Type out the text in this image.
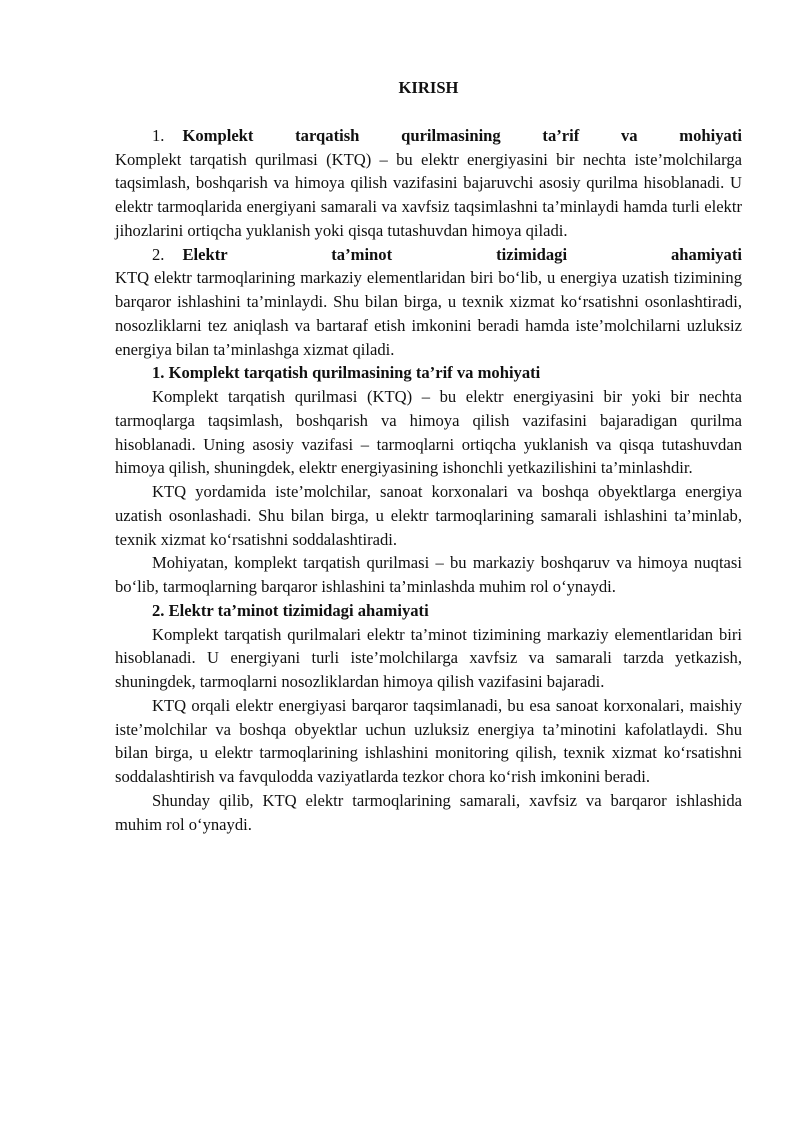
KIRISH

1. Komplekt tarqatish qurilmasining ta’rif va mohiyati

Komplekt tarqatish qurilmasi (KTQ) – bu elektr energiyasini bir nechta iste’molchilarga taqsimlash, boshqarish va himoya qilish vazifasini bajaruvchi asosiy qurilma hisoblanadi. U elektr tarmoqlarida energiyani samarali va xavfsiz taqsimlashni ta’minlaydi hamda turli elektr jihozlarini ortiqcha yuklanish yoki qisqa tutashuvdan himoya qiladi.

2. Elektr ta’minot tizimidagi ahamiyati

KTQ elektr tarmoqlarining markaziy elementlaridan biri bo‘lib, u energiya uzatish tizimining barqaror ishlashini ta’minlaydi. Shu bilan birga, u texnik xizmat ko‘rsatishni osonlashtiradi, nosozliklarni tez aniqlash va bartaraf etish imkonini beradi hamda iste’molchilarni uzluksiz energiya bilan ta’minlashga xizmat qiladi.

1. Komplekt tarqatish qurilmasining ta’rif va mohiyati

Komplekt tarqatish qurilmasi (KTQ) – bu elektr energiyasini bir yoki bir nechta tarmoqlarga taqsimlash, boshqarish va himoya qilish vazifasini bajaradigan qurilma hisoblanadi. Uning asosiy vazifasi – tarmoqlarni ortiqcha yuklanish va qisqa tutashuvdan himoya qilish, shuningdek, elektr energiyasining ishonchli yetkazilishini ta’minlashdir.

KTQ yordamida iste’molchilar, sanoat korxonalari va boshqa obyektlarga energiya uzatish osonlashadi. Shu bilan birga, u elektr tarmoqlarining samarali ishlashini ta’minlab, texnik xizmat ko‘rsatishni soddalashtiradi.

Mohiyatan, komplekt tarqatish qurilmasi – bu markaziy boshqaruv va himoya nuqtasi bo‘lib, tarmoqlarning barqaror ishlashini ta’minlashda muhim rol o‘ynaydi.

2. Elektr ta’minot tizimidagi ahamiyati

Komplekt tarqatish qurilmalari elektr ta’minot tizimining markaziy elementlaridan biri hisoblanadi. U energiyani turli iste’molchilarga xavfsiz va samarali tarzda yetkazish, shuningdek, tarmoqlarni nosozliklardan himoya qilish vazifasini bajaradi.

KTQ orqali elektr energiyasi barqaror taqsimlanadi, bu esa sanoat korxonalari, maishiy iste’molchilar va boshqa obyektlar uchun uzluksiz energiya ta’minotini kafolatlaydi. Shu bilan birga, u elektr tarmoqlarining ishlashini monitoring qilish, texnik xizmat ko‘rsatishni soddalashtirish va favqulodda vaziyatlarda tezkor chora ko‘rish imkonini beradi.

Shunday qilib, KTQ elektr tarmoqlarining samarali, xavfsiz va barqaror ishlashida muhim rol o‘ynaydi.
